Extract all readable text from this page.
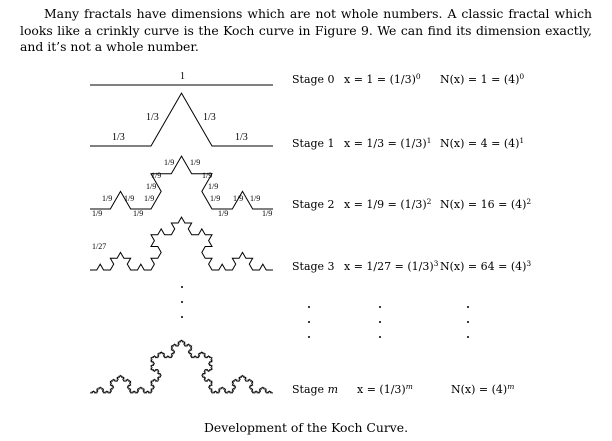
Many fractals have dimensions which are not whole numbers. A classic fractal which looks like a crinkly curve is the Koch curve in Figure 9. We can find its dimension exactly, and it’s not a whole number.

1
1/3
1/3	1/3
1/3
1/9
1/9 1/9
1/9
1/9
1/9
1/9
1/9 1/9
1/9
1/9
1/9
1/9
1/9 1/9
1/9
1/27
Stage 0 $x = 1 = (1/3)^0$ $N(x) = 1 = (4)^0$
Stage 1 $x = 1/3 = (1/3)^1$ $N(x) = 4 = (4)^1$
Stage 2 $x = 1/9 = (1/3)^2$ $N(x) = 16 = (4)^2$
Stage 3 $x = 1/27 = (1/3)^3$ $N(x) = 64 = (4)^3$
Stage m $x = (1/3)^m$	$N(x) = (4)^m$
Development of the Koch Curve.
